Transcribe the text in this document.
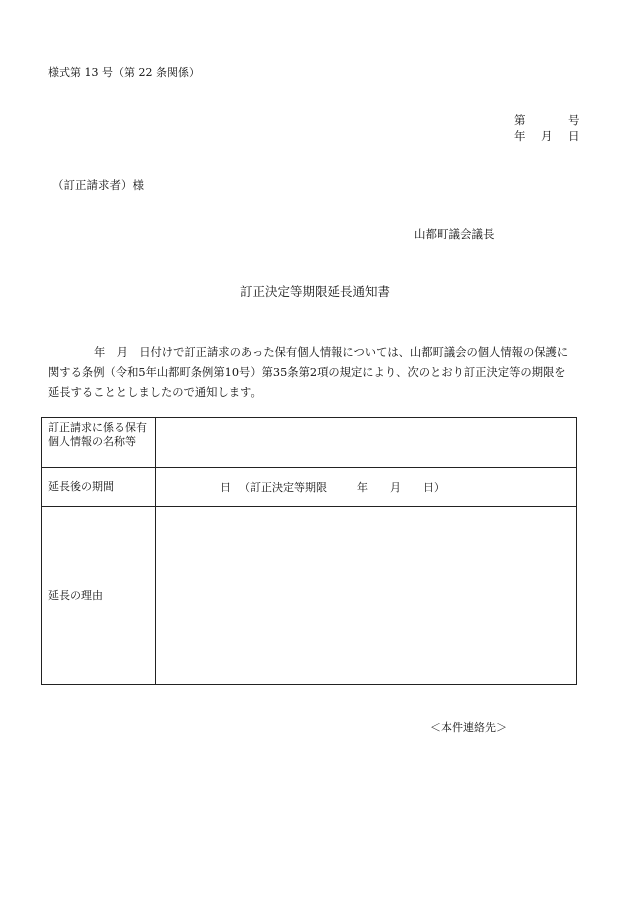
様式第 13 号（第 22 条関係）
第	号
年 月 日
（訂正請求者）様
山都町議会議長
訂正決定等期限延長通知書
年　月　日付けで訂正請求のあった保有個人情報については、山都町議会の個人情報の保護に
関する条例（令和5年山都町条例第10号）第35条第2項の規定により、次のとおり訂正決定等の期限を
延長することとしましたので通知します。
訂正請求に係る保有個人情報の名称等	
延長後の期間	日 （訂正決定等期限 年 月 日）
延長の理由	
＜本件連絡先＞
